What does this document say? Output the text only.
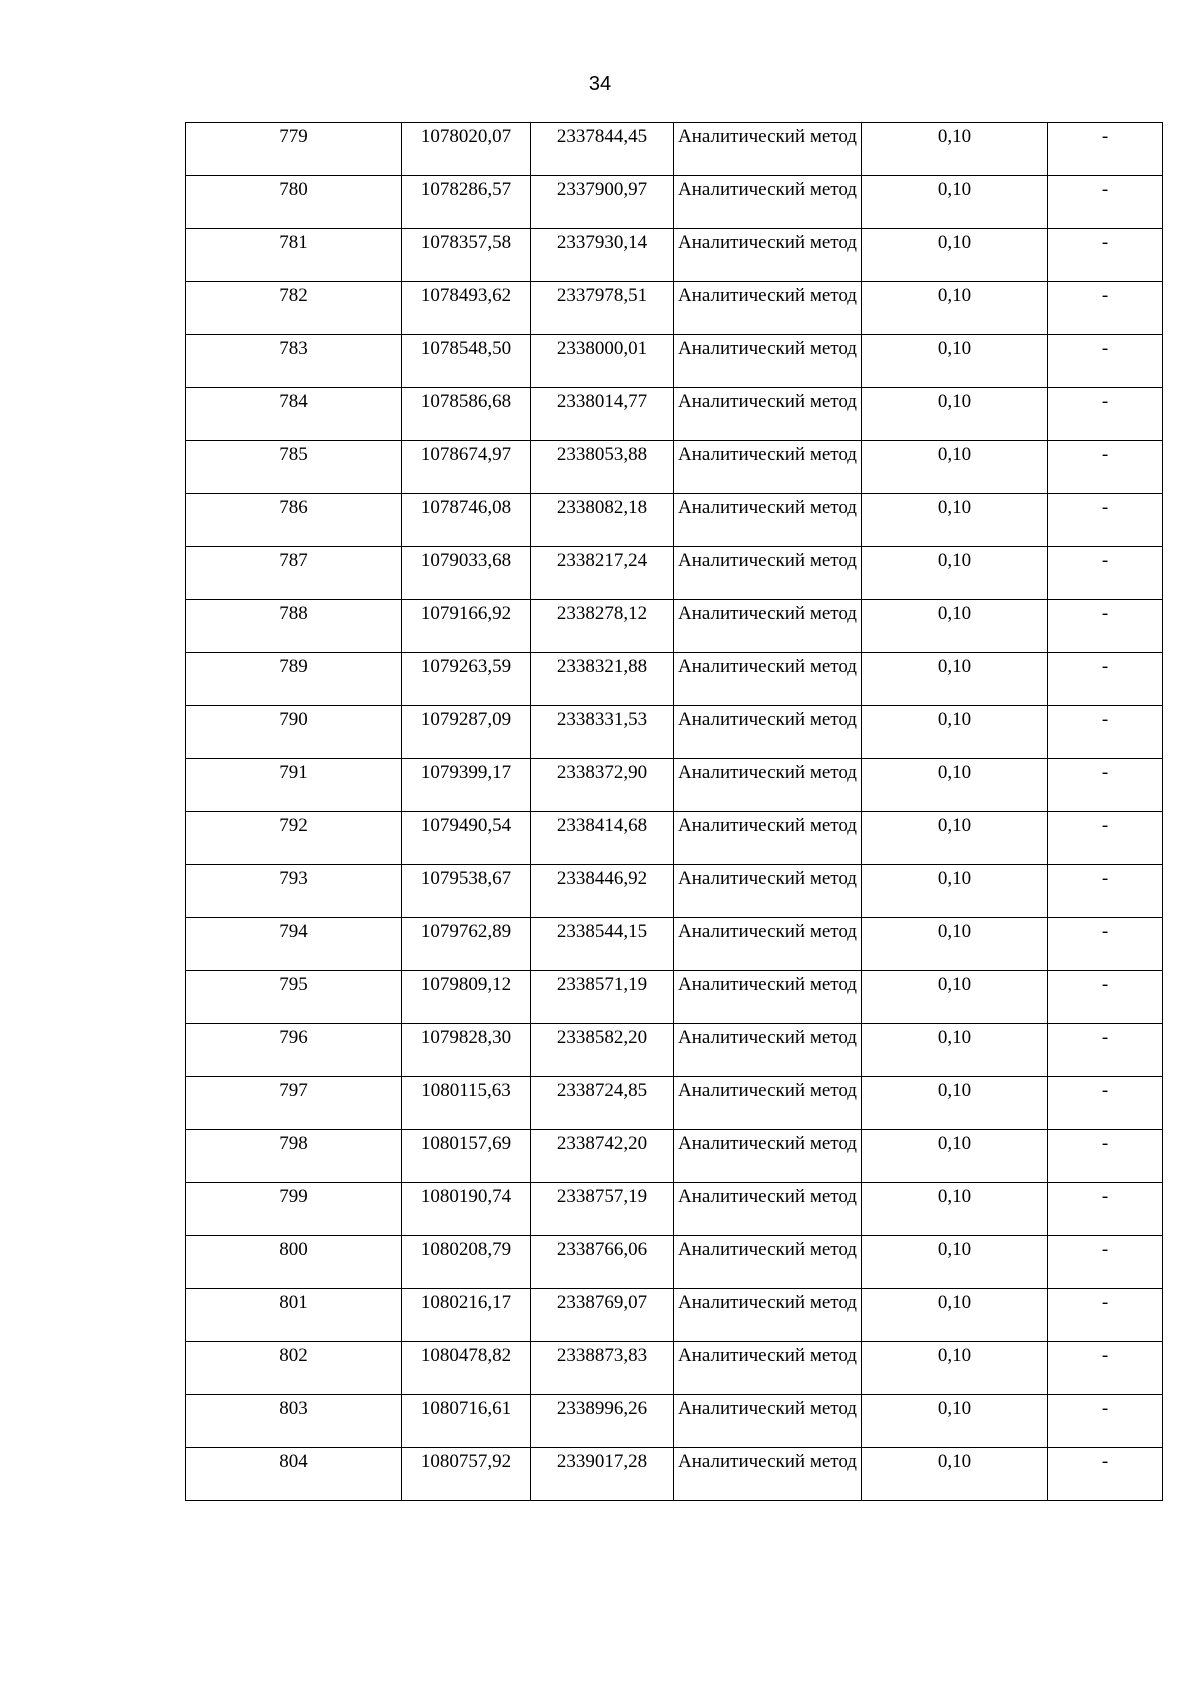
34
779	1078020,07	2337844,45	Аналитический метод	0,10	-
780	1078286,57	2337900,97	Аналитический метод	0,10	-
781	1078357,58	2337930,14	Аналитический метод	0,10	-
782	1078493,62	2337978,51	Аналитический метод	0,10	-
783	1078548,50	2338000,01	Аналитический метод	0,10	-
784	1078586,68	2338014,77	Аналитический метод	0,10	-
785	1078674,97	2338053,88	Аналитический метод	0,10	-
786	1078746,08	2338082,18	Аналитический метод	0,10	-
787	1079033,68	2338217,24	Аналитический метод	0,10	-
788	1079166,92	2338278,12	Аналитический метод	0,10	-
789	1079263,59	2338321,88	Аналитический метод	0,10	-
790	1079287,09	2338331,53	Аналитический метод	0,10	-
791	1079399,17	2338372,90	Аналитический метод	0,10	-
792	1079490,54	2338414,68	Аналитический метод	0,10	-
793	1079538,67	2338446,92	Аналитический метод	0,10	-
794	1079762,89	2338544,15	Аналитический метод	0,10	-
795	1079809,12	2338571,19	Аналитический метод	0,10	-
796	1079828,30	2338582,20	Аналитический метод	0,10	-
797	1080115,63	2338724,85	Аналитический метод	0,10	-
798	1080157,69	2338742,20	Аналитический метод	0,10	-
799	1080190,74	2338757,19	Аналитический метод	0,10	-
800	1080208,79	2338766,06	Аналитический метод	0,10	-
801	1080216,17	2338769,07	Аналитический метод	0,10	-
802	1080478,82	2338873,83	Аналитический метод	0,10	-
803	1080716,61	2338996,26	Аналитический метод	0,10	-
804	1080757,92	2339017,28	Аналитический метод	0,10	-
